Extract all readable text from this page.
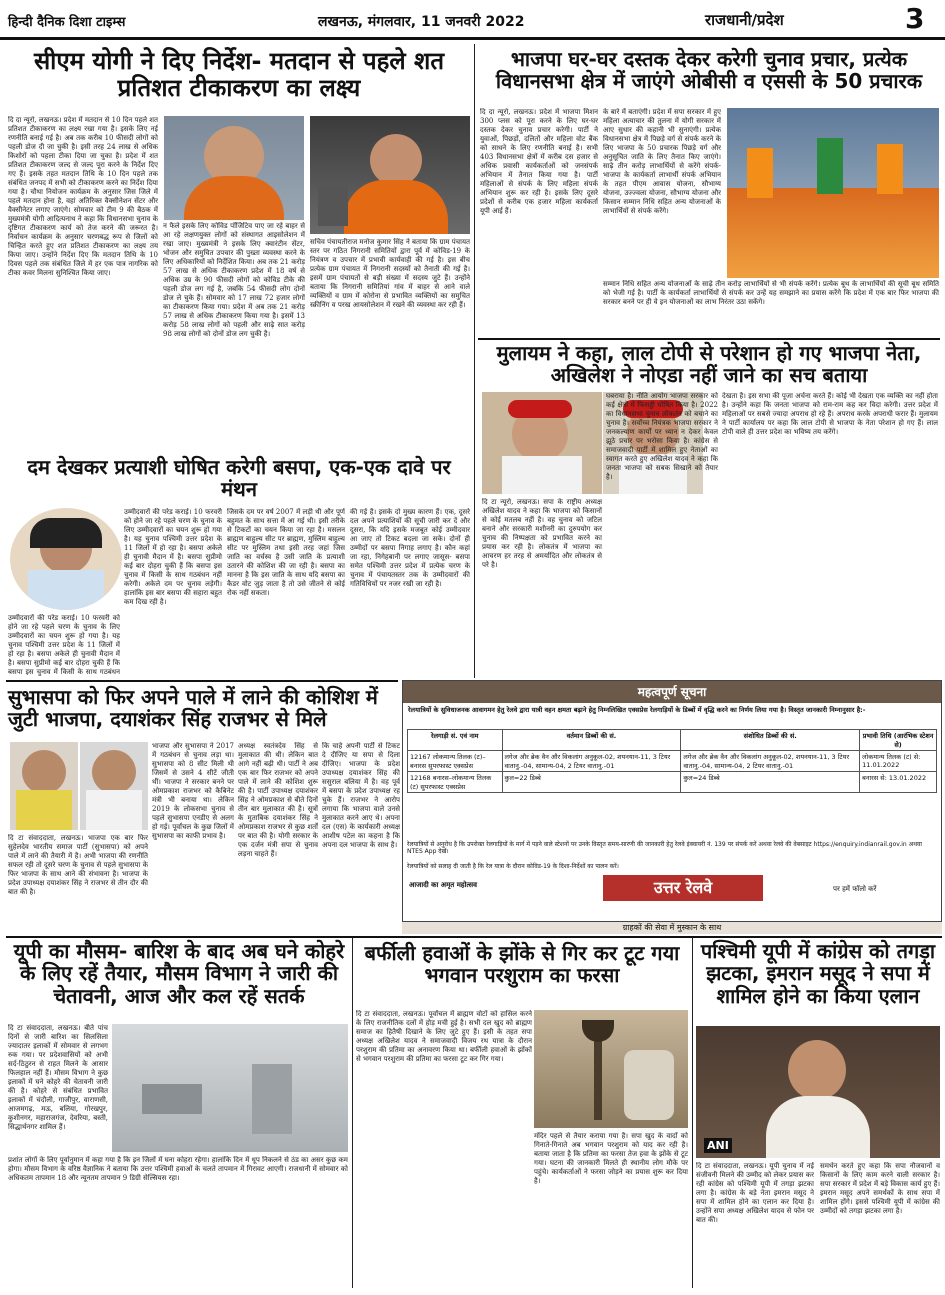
हिन्दी दैनिक दिशा टाइम्स	लखनऊ, मंगलवार, 11 जनवरी 2022	राजधानी/प्रदेश	3
सीएम योगी ने दिए निर्देश- मतदान से पहले शत प्रतिशत टीकाकरण का लक्ष्य
दि दा न्यूरो, लखनऊ। प्रदेश में मतदान से 10 दिन पहले शत प्रतिशत टीकाकरण का लक्ष्य रखा गया है। इसके लिए नई रणनीति बनाई गई है। अब तक करीब 10 फीसदी लोगों को पहली डोज दी जा चुकी है। इसी तरह 24 लाख से अधिक किशोरों को पहला टीका दिया जा चुका है। प्रदेश में शत प्रतिशत टीकाकरण जल्द से जल्द पूरा करने के निर्देश दिए गए हैं। इसके तहत मतदान तिथि के 10 दिन पहले तक संबंधित जनपद में सभी को टीकाकरण करने का निर्देश दिया गया है। चौथा नियोजन कार्यक्रम के अनुसार जिस जिले में पहले मतदान होना है, वहां अतिरिक्त वैक्सीनेशन सेंटर और वैक्सीनेटर लगाए जाएंगे। सोमवार को टीम 9 की बैठक में मुख्यमंत्री योगी आदित्यनाथ ने कहा कि विधानसभा चुनाव के दृष्टिगत टीकाकरण कार्य को तेज करने की जरूरत है। निर्वाचन कार्यक्रम के अनुसार चरणबद्ध रूप से जिलों को चिन्हित करते हुए शत प्रतिशत टीकाकरण का लक्ष्य तय किया जाए। उन्होंने निर्देश दिए कि मतदान तिथि के 10 दिवस पहले तक संबंधित जिले में हर एक पात्र नागरिक को टीका कवर मिलना सुनिश्चित किया जाए।
न फैले इसके लिए कोविड पॉजिटिव पाए जा रहे बाहर से आ रहे लक्षणयुक्त लोगों को संस्थागत आइसोलेशन में रखा जाए। मुख्यमंत्री ने इसके लिए क्वारंटीन सेंटर, भोजन और समुचित उपचार की पुख्ता व्यवस्था करने के लिए अधिकारियों को निर्देशित किया। अब तक 21 करोड़ 57 लाख से अधिक टीकाकरण प्रदेश में 18 वर्ष से अधिक उम्र के 90 फीसदी लोगों को कोविड टीके की पहली डोज लग गई है, जबकि 54 फीसदी लोग दोनों डोज ले चुके हैं। सोमवार को 17 लाख 72 हजार लोगों का टीकाकरण किया गया। प्रदेश में अब तक 21 करोड़ 57 लाख से अधिक टीकाकरण किया गया है। इसमें 13 करोड़ 58 लाख लोगों को पहली और साढ़े सात करोड़ 98 लाख लोगों को दोनों डोज लग चुकी है।
सचिव पंचायतीराज मनोज कुमार सिंह ने बताया कि ग्राम पंचायत स्तर पर गठित निगरानी समितियों द्वारा पूर्व में कोविड-19 के नियंत्रण व उपचार में प्रभावी कार्यवाही की गई है। इस बीच प्रत्येक ग्राम पंचायत में निगरानी सदस्यों को तैनाती की गई है। इसमें ग्राम पंचायतों से बड़ी संख्या में सदस्य जुटे हैं। उन्होंने बताया कि निगरानी समितियां गांव में बाहर से आने वाले व्यक्तियों व ग्राम में कोरोना से प्रभावित व्यक्तियों का समुचित स्क्रीनिंग व परख आयसोलेशन में रखने की व्यवस्था कर रही हैं।
भाजपा घर-घर दस्तक देकर करेगी चुनाव प्रचार, प्रत्येक विधानसभा क्षेत्र में जाएंगे ओबीसी व एससी के 50 प्रचारक
दि दा न्यूरो, लखनऊ। प्रदेश में भाजपा मिशन 300 प्लस को पूरा करने के लिए घर-घर दस्तक देकर चुनाव प्रचार करेगी। पार्टी ने युवाओं, पिछड़ों, दलितों और महिला वोट बैंक को साधने के लिए रणनीति बनाई है। सभी 403 विधानसभा क्षेत्रों में करीब दस हजार से अधिक प्रवासी कार्यकर्ताओं को जनसंपर्क अभियान में तैनात किया गया है। पार्टी महिलाओं से संपर्क के लिए महिला संपर्क अभियान शुरू कर रही है। इसके लिए दूसरे प्रदेशों से करीब एक हजार महिला कार्यकर्ता यूपी आई हैं।
के बारे में बताएंगी। प्रदेश में सपा सरकार में हुए महिला अत्याचार की तुलना में योगी सरकार में आए सुधार की कहानी भी सुनाएंगी। प्रत्येक विधानसभा क्षेत्र में पिछड़े वर्ग से संपर्क करने के लिए भाजपा के 50 प्रचारक पिछड़े वर्ग और अनुसूचित जाति के लिए तैनात किए जाएंगे। साढ़े तीन करोड़ लाभार्थियों से करेंगे संपर्क- भाजपा के कार्यकर्ता लाभार्थी संपर्क अभियान के तहत पीएम आवास योजना, सौभाग्य योजना, उज्ज्वला योजना, सौभाग्य योजना और किसान सम्मान निधि सहित अन्य योजनाओं के लाभार्थियों से संपर्क करेंगे।
सम्मान निधि सहित अन्य योजनाओं के साढ़े तीन करोड़ लाभार्थियों से भी संपर्क करेंगे। प्रत्येक बूथ के लाभार्थियों की सूची बूथ समिति को भेजी गई है। पार्टी के कार्यकर्ता लाभार्थियों से संपर्क कर उन्हें यह समझाने का प्रयास करेंगे कि प्रदेश में एक बार फिर भाजपा की सरकार बनने पर ही वे इन योजनाओं का लाभ निरंतर उठा सकेंगे।
मुलायम ने कहा, लाल टोपी से परेशान हो गए भाजपा नेता, अखिलेश ने नोएडा नहीं जाने का सच बताया
दि टा न्यूरो, लखनऊ। सपा के राष्ट्रीय अध्यक्ष अखिलेश यादव ने कहा कि भाजपा को किसानों से कोई मतलब नहीं है। वह चुनाव को जटिल बनाने और सरकारी मशीनरी का दुरुपयोग कर चुनाव की निष्पक्षता को प्रभावित करने का प्रयास कर रही है। लोकतंत्र में भाजपा का आचरण हर तरह से अमर्यादित और लोकतंत्र से परे है।
घबराया है। नीति आयोग भाजपा सरकार को कई क्षेत्रों में फिसड्डी घोषित किया है। 2022 का विधानसभा चुनाव लोकतंत्र को बचाने का चुनाव है। सर्वोच्च नियंत्रक भाजपा सरकार ने जनकल्याण कार्यों पर ध्यान न देकर केवल झूठे प्रचार पर भरोसा किया है। कांग्रेस से समाजवादी पार्टी में शामिल हुए नेताओं का स्वागत करते हुए अखिलेश यादव ने कहा कि जनता भाजपा को सबक सिखाने को तैयार है।
देखता है। इस सभा की पूजा अर्चना करते हैं। कोई भी देखता एक व्यक्ति का नहीं होता है। उन्होंने कहा कि जनता भाजपा को राम-राम कह कर विदा करेगी। उत्तर प्रदेश में महिलाओं पर सबसे ज्यादा अपराध हो रहे हैं। अपराध करके अपराधी फरार हैं। मुलायम ने पार्टी कार्यालय पर कहा कि लाल टोपी से भाजपा के नेता परेशान हो गए हैं। लाल टोपी वाले ही उत्तर प्रदेश का भविष्य तय करेंगे।
दम देखकर प्रत्याशी घोषित करेगी बसपा, एक-एक दावे पर मंथन
उम्मीदवारों की परेड कराई। 10 फरवरी को होने जा रहे पहले चरण के चुनाव के लिए उम्मीदवारों का चयन शुरू हो गया है। यह चुनाव पश्चिमी उत्तर प्रदेश के 11 जिलों में हो रहा है। बसपा अकेले ही चुनावी मैदान में है। बसपा सुप्रीमो कई बार दोहरा चुकी हैं कि बसपा इस चुनाव में किसी के साथ गठबंधन
उम्मीदवारों की परेड कराई। 10 फरवरी को होने जा रहे पहले चरण के चुनाव के लिए उम्मीदवारों का चयन शुरू हो गया है। यह चुनाव पश्चिमी उत्तर प्रदेश के 11 जिलों में हो रहा है। बसपा अकेले ही चुनावी मैदान में है। बसपा सुप्रीमो कई बार दोहरा चुकी हैं कि बसपा इस चुनाव में किसी के साथ गठबंधन नहीं करेगी। अकेले दम पर चुनाव लड़ेगी। हालांकि इस बार बसपा की सहारा बहुत कम दिख रही है।
जिसके दम पर वर्ष 2007 में लड़ी थी और पूर्ण बहुमत के साथ सत्ता में आ गई थी। इसी तरीके से टिकटों का चयन किया जा रहा है। मसलन ब्राह्मण बाहुल्य सीट पर ब्राह्मण, मुस्लिम बाहुल्य सीट पर मुस्लिम तथा इसी तरह जहां जिस जाति का वर्चस्व है उसी जाति के प्रत्याशी उतारने की कोशिश की जा रही है। बसपा का मानना है कि इस जाति के साथ यदि बसपा का कैडर वोट जुड़ जाता है तो उसे जीतने से कोई रोक नहीं सकता।
की गई है। इसके दो मुख्य कारण हैं। एक, दूसरे दल अपने प्रत्याशियों की सूची जारी कर दें और दूसरा, कि यदि इसके मजबूत कोई उम्मीदवार आ जाए तो टिकट बदला जा सके। दोनों ही उम्मीदों पर बसपा निगाह लगाए है। कौन कहां जा रहा, निगेहबानी पर लगाए जासूस- बसपा समेत पश्चिमी उत्तर प्रदेश में प्रत्येक चरण के चुनाव में पंचायतस्तर तक के उम्मीदवारों की गतिविधियों पर नजर रखी जा रही है।
सुभासपा को फिर अपने पाले में लाने की कोशिश में जुटी भाजपा, दयाशंकर सिंह राजभर से मिले
दि टा संवाददाता, लखनऊ। भाजपा एक बार फिर सुहेलदेव भारतीय समाज पार्टी (सुभासपा) को अपने पाले में लाने की तैयारी में है। अभी भाजपा की रणनीति सफल रही तो दूसरे चरण के चुनाव से पहले सुभासपा के फिर भाजपा के साथ आने की संभावना है। भाजपा के प्रदेश उपाध्यक्ष दयाशंकर सिंह ने राजभर से तीन दौर की बात की है।
भाजपा और सुभासपा ने 2017 में गठबंधन से चुनाव लड़ा था। सुभासपा को 8 सीट मिली थी जिसमें से उसने 4 सीटें जीती थीं। भाजपा ने सरकार बनने पर ओमप्रकाश राजभर को कैबिनेट मंत्री भी बनाया था। लेकिन 2019 के लोकसभा चुनाव से पहले सुभासपा एनडीए से अलग हो गई। पूर्वांचल के कुछ जिलों में सुभासपा का काफी प्रभाव है।
अध्यक्ष स्वतंत्रदेव सिंह से मुलाकात की थी। लेकिन बात आगे नहीं बढ़ी थी। पार्टी ने अब एक बार फिर राजभर को अपने पाले में लाने की कोशिश शुरू की है। पार्टी उपाध्यक्ष दयाशंकर सिंह ने ओमप्रकाश से बीते दिनों तीन बार मुलाकात की है। सूत्रों के मुताबिक दयाशंकर सिंह ने ओमप्रकाश राजभर से कुछ शर्तों पर बात की है। योगी सरकार के एक दर्जन मंत्री सपा से चुनाव लड़ना चाहते हैं।
कि चाहे अपनी पार्टी से टिकट दे दीजिए या सपा से दिला दीजिए। भाजपा के प्रदेश उपाध्यक्ष दयाशंकर सिंह की ससुराल बलिया में है। वह पूर्व में बसपा के प्रदेश उपाध्यक्ष रह चुके हैं। राजभर ने आरोप लगाया कि भाजपा वाले उनसे मुलाकात करने आए थे। अपना दल (एस) के कार्यकारी अध्यक्ष आशीष पटेल का कहना है कि अपना दल भाजपा के साथ है।
महत्वपूर्ण सूचना
रेलयात्रियों के सुविधाजनक आवागमन हेतु रेलवे द्वारा यात्री वहन क्षमता बढ़ाने हेतु निम्नलिखित एक्सप्रेस रेलगाड़ियों के डिब्बों में वृद्धि करने का निर्णय लिया गया है। विस्तृत जानकारी निम्नानुसार है:-
रेलगाड़ी सं. एवं नाम	वर्तमान डिब्बों की सं.	संशोधित डिब्बों की सं.	प्रभावी तिथि (आरंभिक स्टेशन से)
12167 लोकमान्य तिलक (ट)–बनारस सुपरफास्ट एक्सप्रेस	लगेज और ब्रेक वैन और विकलांग अनुकूल-02, शयनयान-11, 3 टियर वातानु.-04, सामान्य-04, 2 टियर वातानु.-01	लगेज और ब्रेक वैन और विकलांग अनुकूल-02, शयनयान-11, 3 टियर वातानु.-04, सामान्य-04, 2 टियर वातानु.-01	लोकमान्य तिलक (ट) से: 11.01.2022
12168 बनारस–लोकमान्य तिलक (ट) सुपरफास्ट एक्सप्रेस	कुल=22 डिब्बे	कुल=24 डिब्बे	बनारस से: 13.01.2022
रेलयात्रियों से अनुरोध है कि उपरोक्त रेलगाड़ियों के मार्ग में पड़ने वाले स्टेशनों पर उनके विस्तृत समय-सारणी की जानकारी हेतु रेलवे इंक्वायरी नं. 139 पर संपर्क करें अथवा रेलवे की वेबसाइट https://enquiry.indianrail.gov.in अथवा NTES App देखें।
रेलयात्रियों को सलाह दी जाती है कि रेल यात्रा के दौरान कोविड-19 के दिशा-निर्देशों का पालन करें।
आजादी का अमृत महोत्सव	उत्तर रेलवे	पर हमें फॉलो करें
ग्राहकों की सेवा में मुस्कान के साथ
यूपी का मौसम- बारिश के बाद अब घने कोहरे के लिए रहें तैयार, मौसम विभाग ने जारी की चेतावनी, आज और कल रहें सतर्क
दि टा संवाददाता, लखनऊ। बीते पांच दिनों से जारी बारिश का सिलसिला ज्यादातर इलाकों में सोमवार से लगभग रुक गया। पर प्रदेशवासियों को अभी सर्द-ठिठुरन से राहत मिलने के आसार फिलहाल नहीं हैं। मौसम विभाग ने कुछ इलाकों में घने कोहरे की चेतावनी जारी की है। कोहरे से संबंधित प्रभावित इलाकों में चंदौली, गाजीपुर, वाराणसी, आजमगढ़, मऊ, बलिया, गोरखपुर, कुशीनगर, महाराजगंज, देवरिया, बस्ती, सिद्धार्थनगर शामिल हैं।
प्रशांत लोगों के लिए पूर्वानुमान में कहा गया है कि इन जिलों में घना कोहरा रहेगा। हालांकि दिन में धूप निकलने से ठंड का असर कुछ कम होगा। मौसम विभाग के वरिष्ठ वैज्ञानिक ने बताया कि उत्तर पश्चिमी हवाओं के चलते तापमान में गिरावट आएगी। राजधानी में सोमवार को अधिकतम तापमान 18 और न्यूनतम तापमान 9 डिग्री सेल्सियस रहा।
बर्फीली हवाओं के झोंके से गिर कर टूट गया भगवान परशुराम का फरसा
दि टा संवाददाता, लखनऊ। पूर्वांचल में ब्राह्मण वोटों को हासिल करने के लिए राजनीतिक दलों में होड़ मची हुई है। सभी दल खुद को ब्राह्मण समाज का हितैषी दिखाने के लिए जुटे हुए हैं। इसी के तहत सपा अध्यक्ष अखिलेश यादव ने समाजवादी विजय रथ यात्रा के दौरान परशुराम की प्रतिमा का अनावरण किया था। बर्फीली हवाओं के झोंकों से भगवान परशुराम की प्रतिमा का फरसा टूट कर गिर गया।
मंदिर पहले से तैयार कराया गया है। सपा खुद के वादों को गिनाते-गिनाते अब भगवान परशुराम को याद कर रही है। बताया जाता है कि प्रतिमा का फरसा तेज हवा के झोंके से टूट गया। घटना की जानकारी मिलते ही स्थानीय लोग मौके पर पहुंचे। कार्यकर्ताओं ने फरसा जोड़ने का प्रयास शुरू कर दिया है।
पश्चिमी यूपी में कांग्रेस को तगड़ा झटका, इमरान मसूद ने सपा में शामिल होने का किया एलान
ANI
दि टा संवाददाता, लखनऊ। यूपी चुनाव में नई संजीवनी मिलने की उम्मीद को लेकर प्रयास कर रही कांग्रेस को पश्चिमी यूपी में तगड़ा झटका लगा है। कांग्रेस के बड़े नेता इमरान मसूद ने सपा में शामिल होने का एलान कर दिया है। उन्होंने सपा अध्यक्ष अखिलेश यादव से फोन पर बात की।
समर्थन करते हुए कहा कि सपा नौजवानों व किसानों के लिए काम करने वाली सरकार है। सपा सरकार में प्रदेश में बड़े विकास कार्य हुए हैं। इमरान मसूद अपने समर्थकों के साथ सपा में शामिल होंगे। इससे पश्चिमी यूपी में कांग्रेस की उम्मीदों को तगड़ा झटका लगा है।
